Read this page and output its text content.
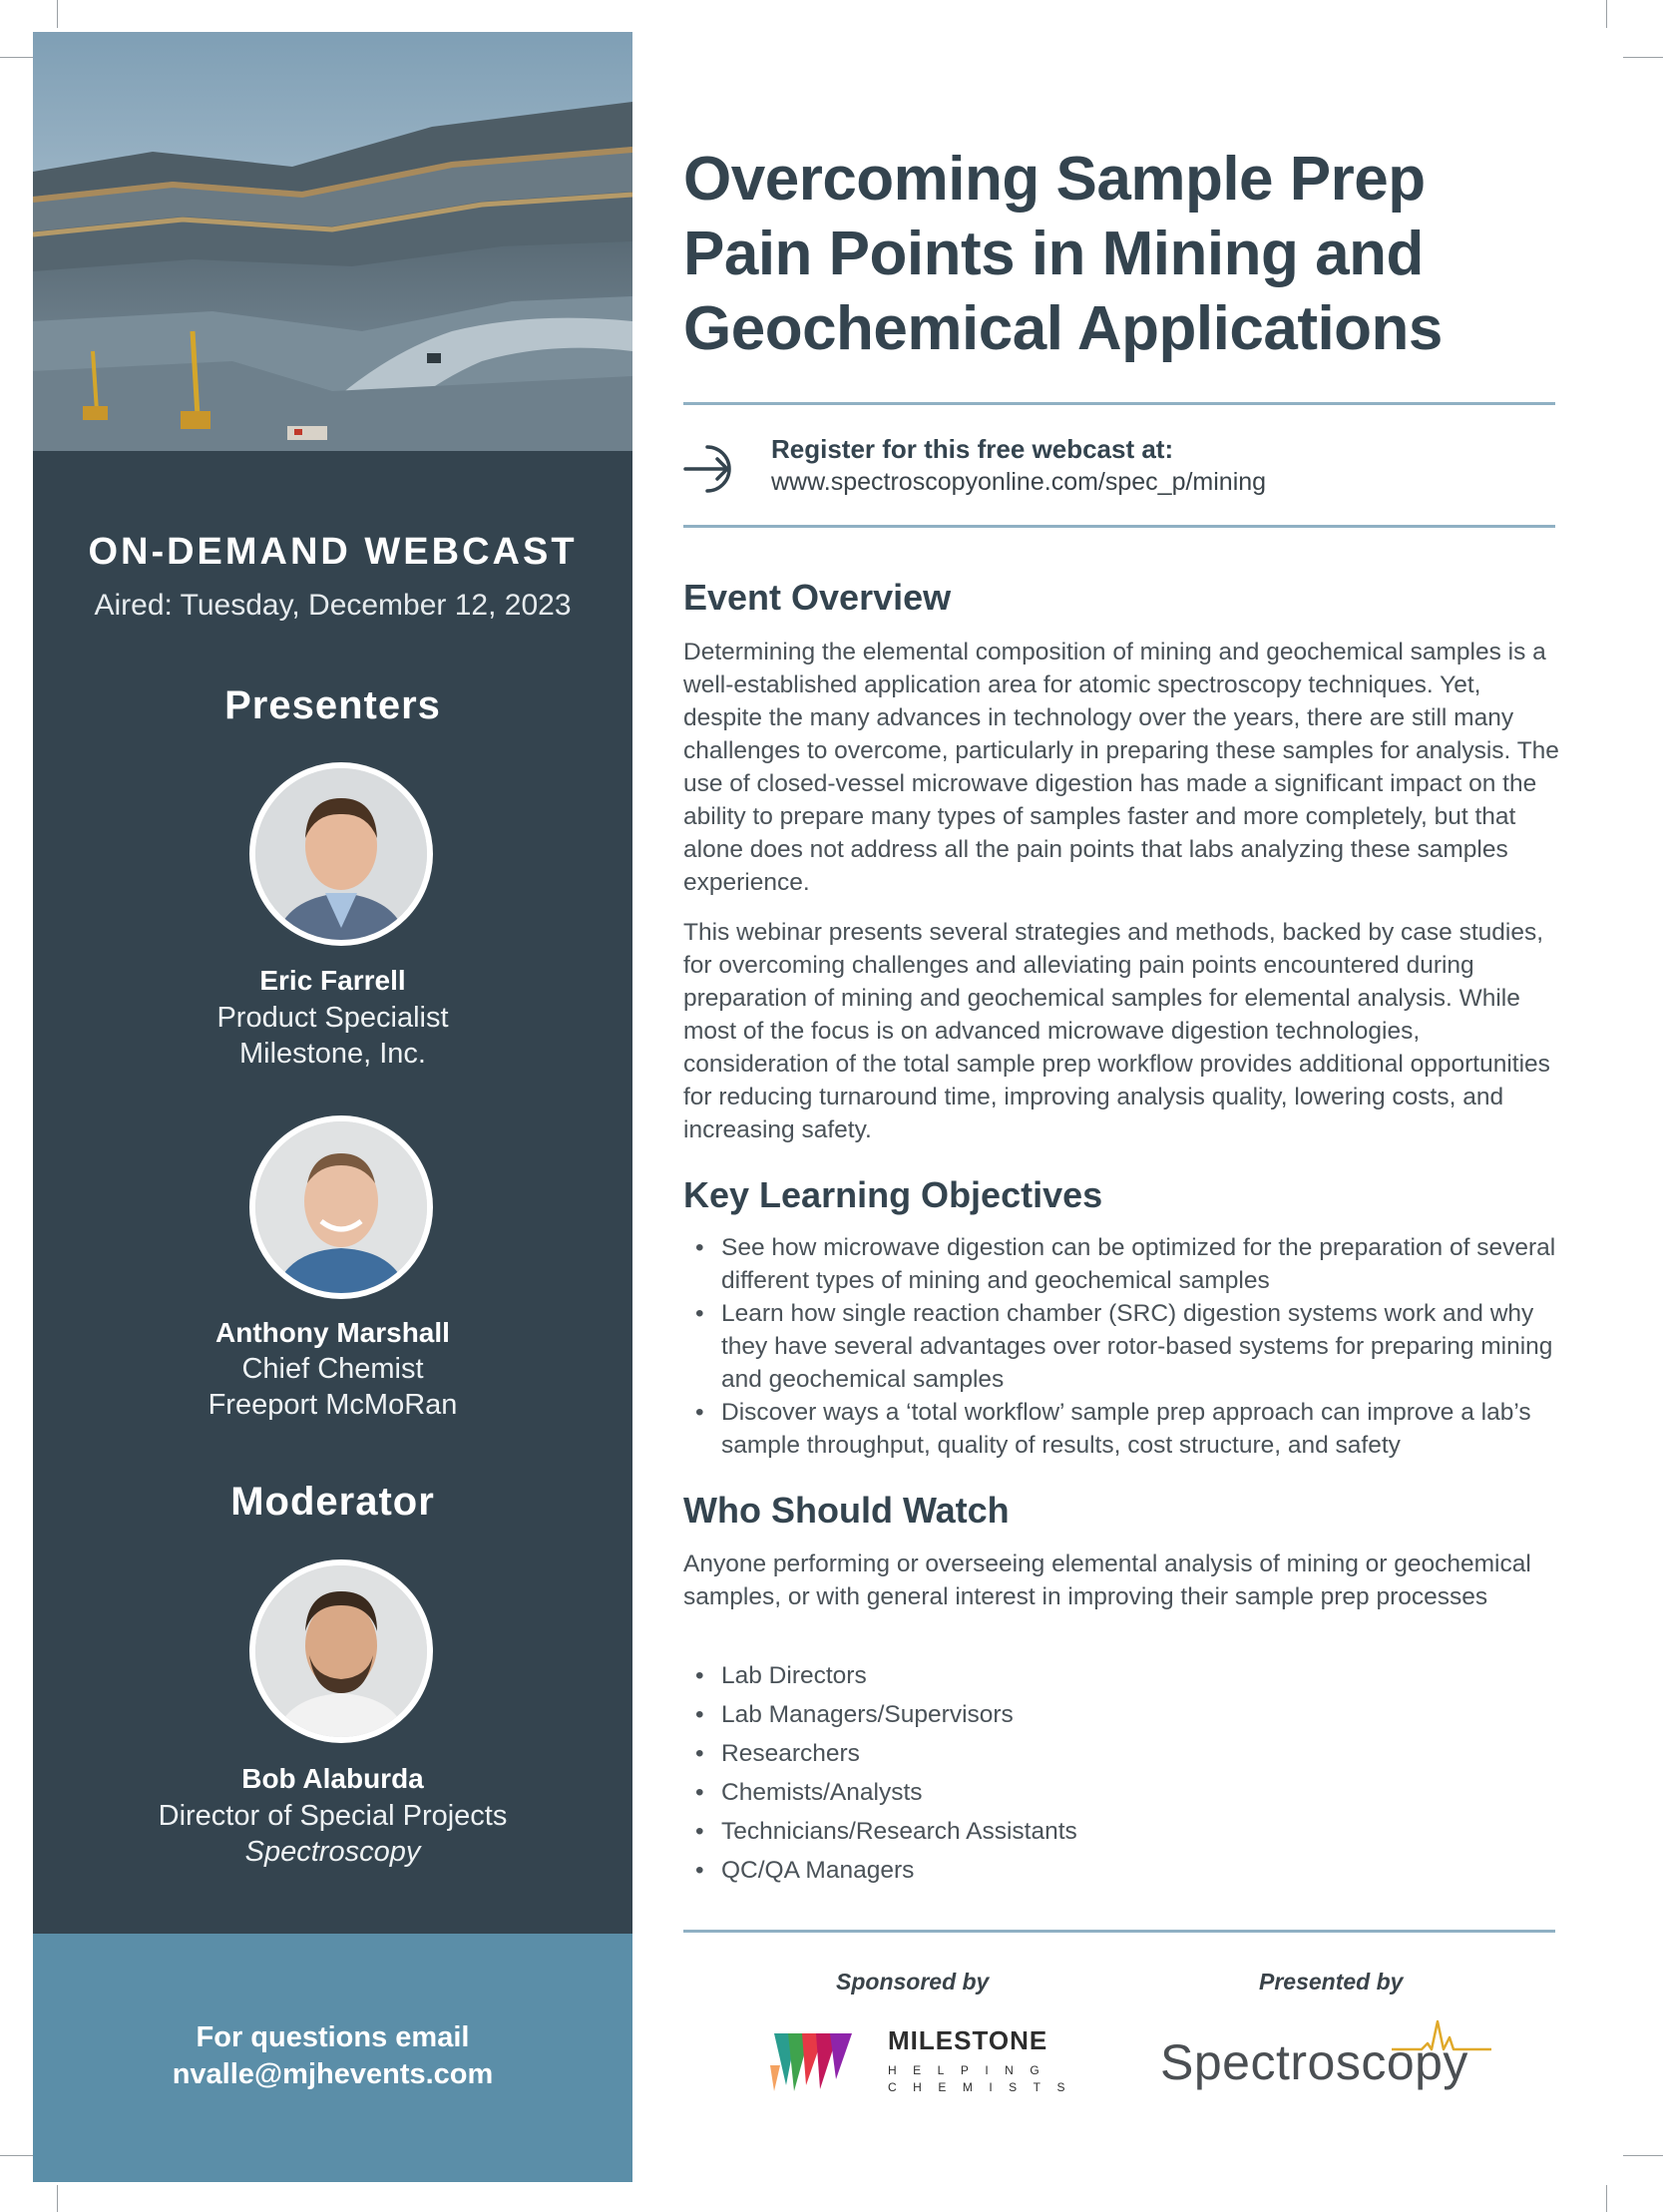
ON-DEMAND WEBCAST
Aired: Tuesday, December 12, 2023
Presenters
Eric Farrell
Product Specialist
Milestone, Inc.
Anthony Marshall
Chief Chemist
Freeport McMoRan
Moderator
Bob Alaburda
Director of Special Projects
Spectroscopy
For questions email
nvalle@mjhevents.com
Overcoming Sample Prep
Pain Points in Mining and
Geochemical Applications
Register for this free webcast at:
www.spectroscopyonline.com/spec_p/mining
Event Overview

Determining the elemental composition of mining and geochemical samples is a well-established application area for atomic spectroscopy techniques. Yet, despite the many advances in technology over the years, there are still many challenges to overcome, particularly in preparing these samples for analysis. The use of closed-vessel microwave digestion has made a significant impact on the ability to prepare many types of samples faster and more completely, but that alone does not address all the pain points that labs analyzing these samples experience.

This webinar presents several strategies and methods, backed by case studies, for overcoming challenges and alleviating pain points encountered during preparation of mining and geochemical samples for elemental analysis. While most of the focus is on advanced microwave digestion technologies, consideration of the total sample prep workflow provides additional opportunities for reducing turnaround time, improving analysis quality, lowering costs, and increasing safety.

Key Learning Objectives
• See how microwave digestion can be optimized for the preparation of several different types of mining and geochemical samples
• Learn how single reaction chamber (SRC) digestion systems work and why they have several advantages over rotor-based systems for preparing mining and geochemical samples
• Discover ways a ‘total workflow’ sample prep approach can improve a lab’s sample throughput, quality of results, cost structure, and safety
Who Should Watch

Anyone performing or overseeing elemental analysis of mining or geochemical samples, or with general interest in improving their sample prep processes

• Lab Directors
• Lab Managers/Supervisors
• Researchers
• Chemists/Analysts
• Technicians/Research Assistants
• QC/QA Managers
Sponsored by
MILESTONE
HELPING
CHEMISTS
Presented by
Spectroscopy
